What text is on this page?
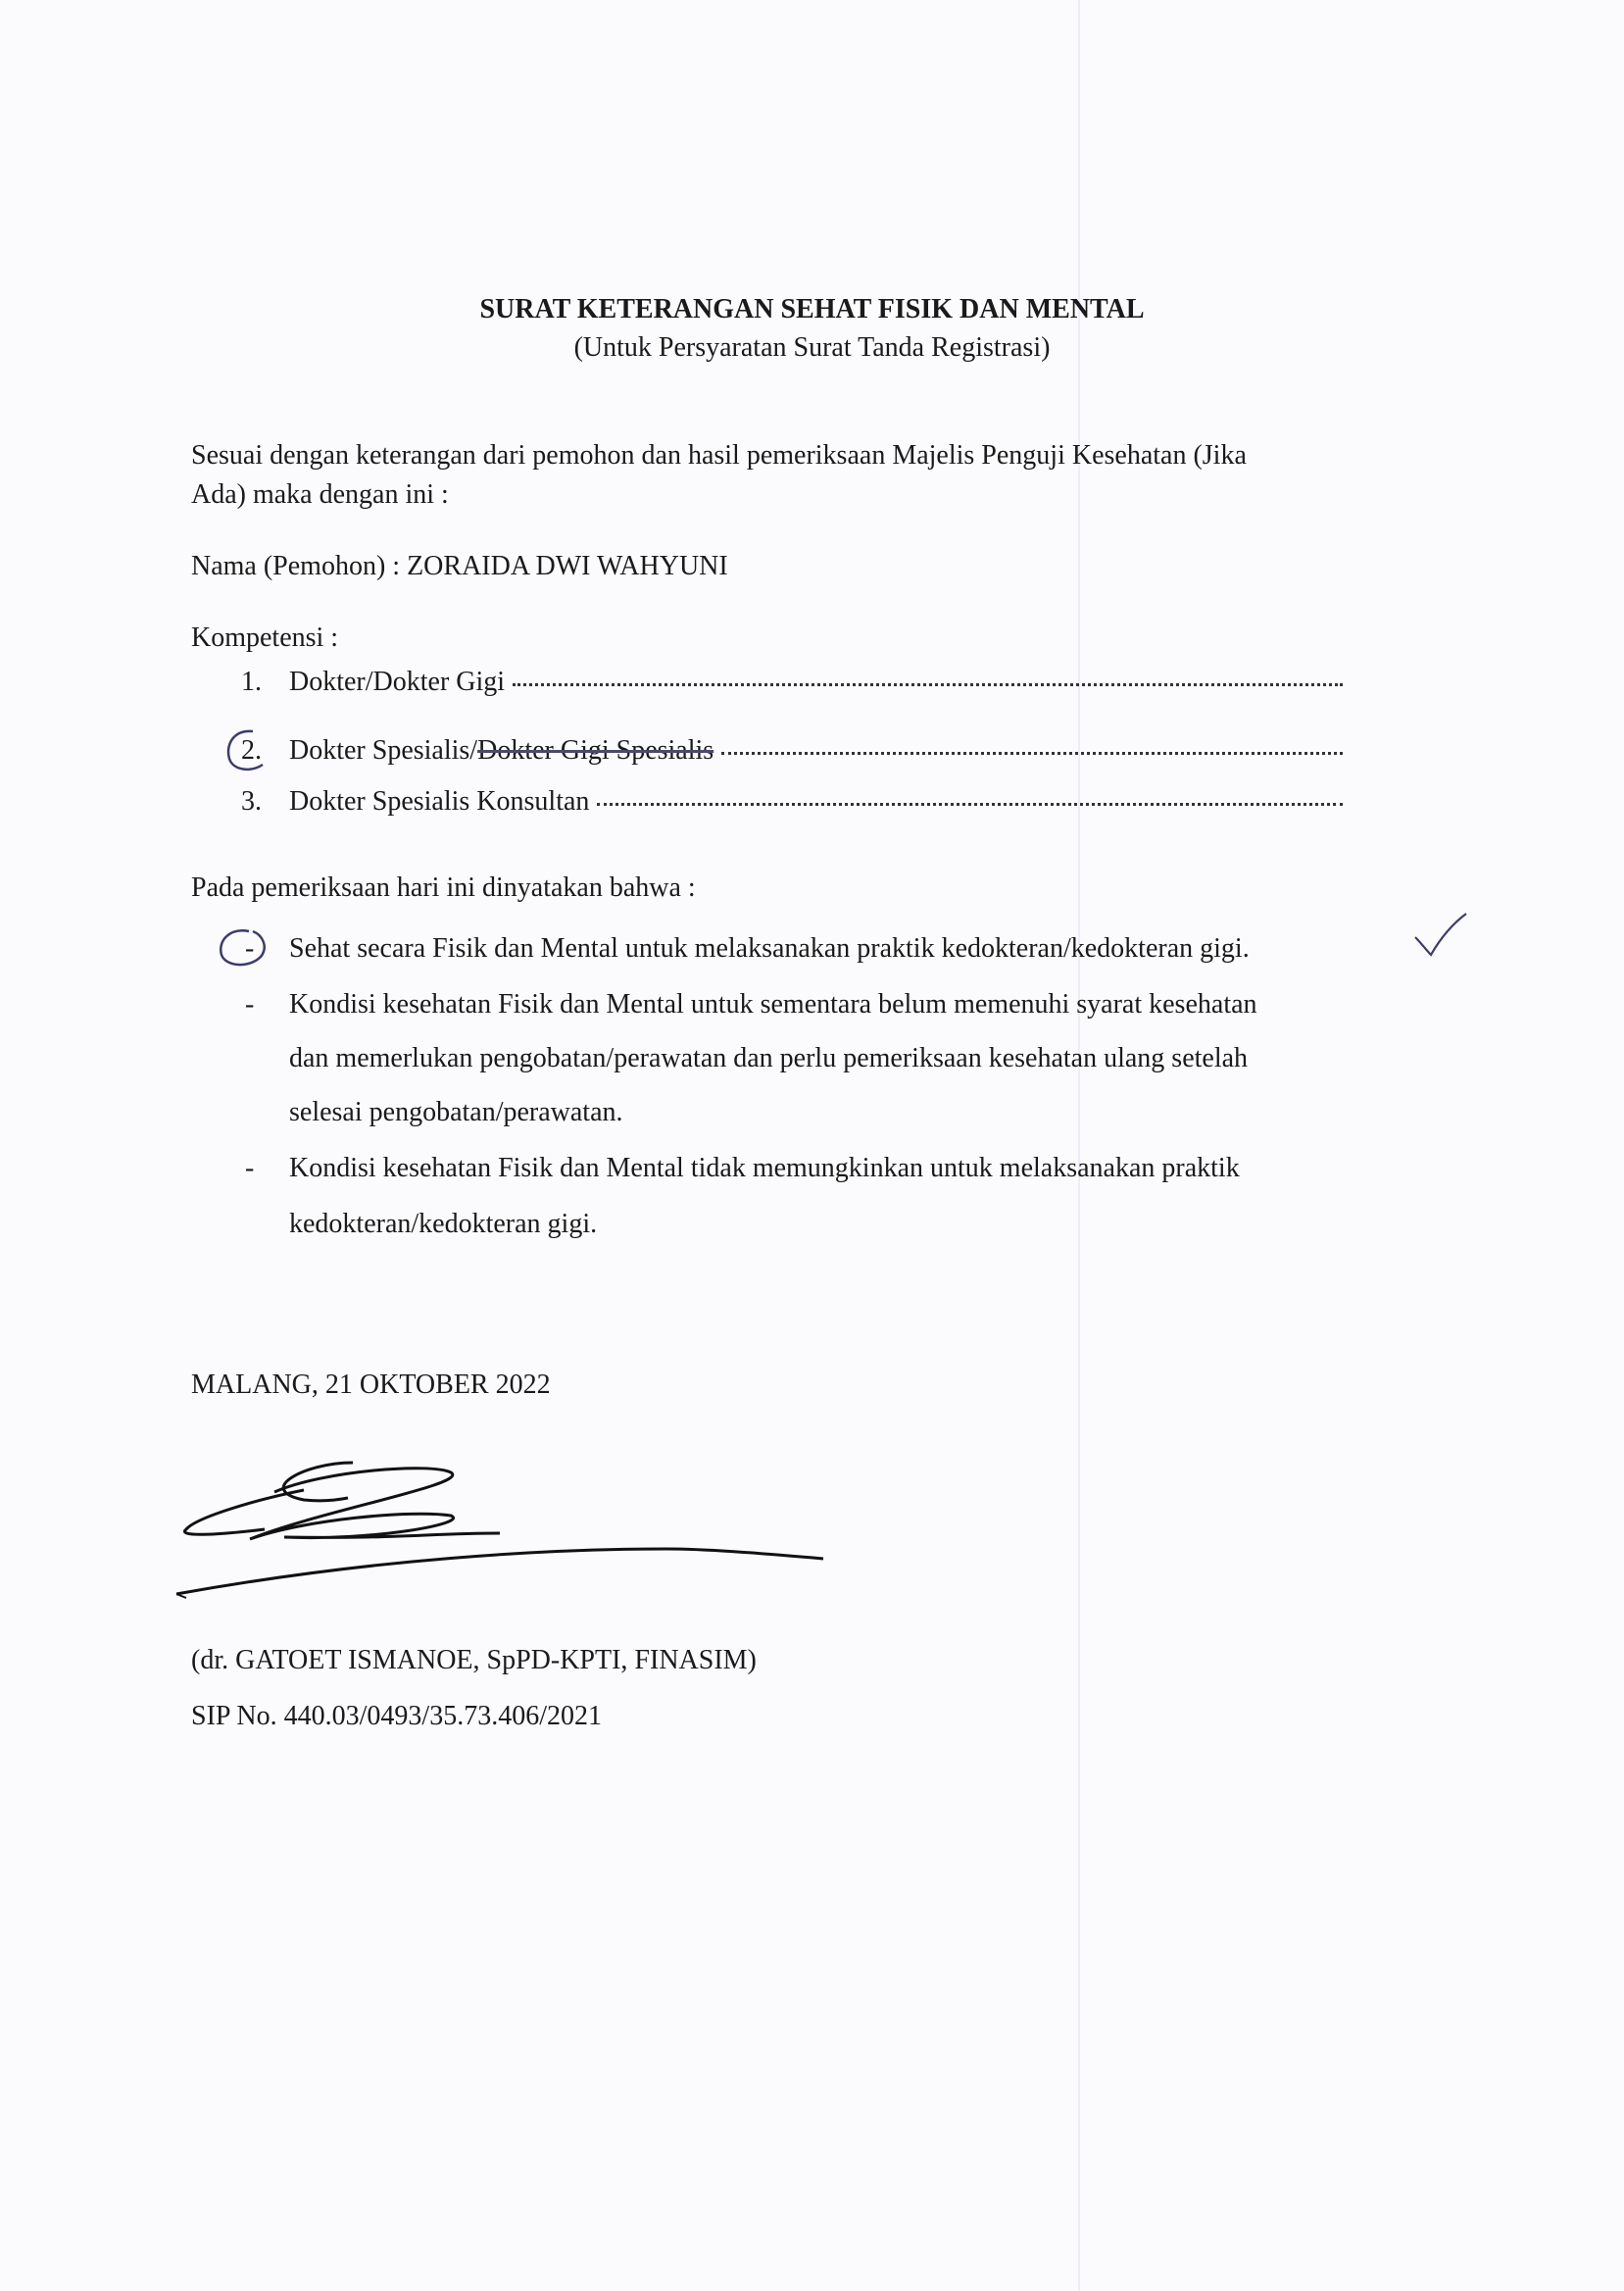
SURAT KETERANGAN SEHAT FISIK DAN MENTAL
(Untuk Persyaratan Surat Tanda Registrasi)
Sesuai dengan keterangan dari pemohon dan hasil pemeriksaan Majelis Penguji Kesehatan (Jika
Ada) maka dengan ini :
Nama (Pemohon) : ZORAIDA DWI WAHYUNI
Kompetensi :
1.	Dokter/Dokter Gigi
2.	Dokter Spesialis/ Dokter Gigi Spesialis
3.	Dokter Spesialis Konsultan
Pada pemeriksaan hari ini dinyatakan bahwa :
- Sehat secara Fisik dan Mental untuk melaksanakan praktik kedokteran/kedokteran gigi.
- Kondisi kesehatan Fisik dan Mental untuk sementara belum memenuhi syarat kesehatan
dan memerlukan pengobatan/perawatan dan perlu pemeriksaan kesehatan ulang setelah
selesai pengobatan/perawatan.
- Kondisi kesehatan Fisik dan Mental tidak memungkinkan untuk melaksanakan praktik
kedokteran/kedokteran gigi.
MALANG, 21 OKTOBER 2022
(dr. GATOET ISMANOE, SpPD-KPTI, FINASIM)
SIP No. 440.03/0493/35.73.406/2021
